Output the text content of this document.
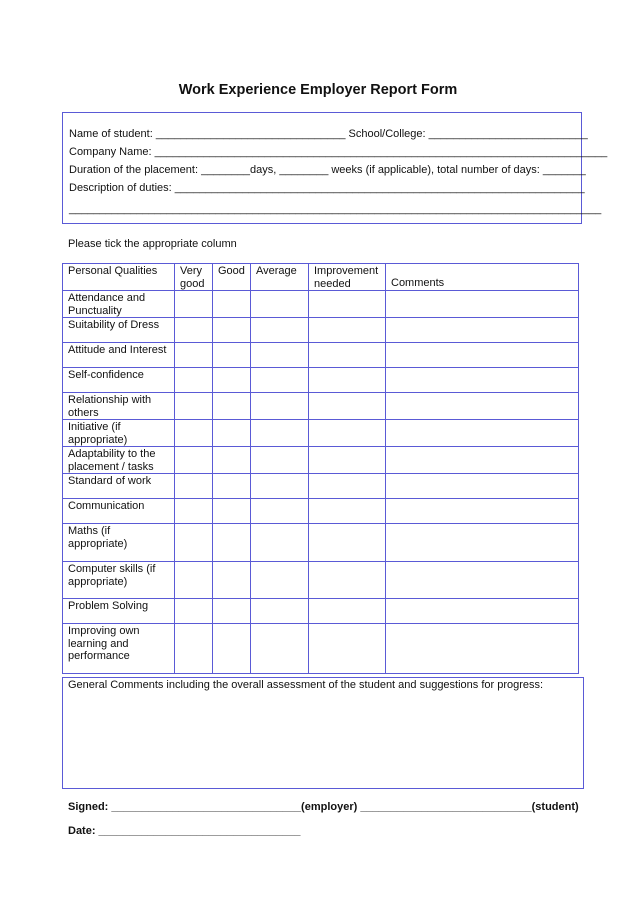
Work Experience Employer Report Form
Name of student: _______________________________ School/College: __________________________
Company Name: __________________________________________________________________________
Duration of the placement: ________days, ________ weeks (if applicable), total number of days: _______
Description of duties: ___________________________________________________________________
_______________________________________________________________________________________
Please tick the appropriate column
Personal Qualities	Very good	Good	Average	Improvement needed	Comments
Attendance and Punctuality					
Suitability of Dress					
Attitude and Interest					
Self-confidence					
Relationship with others					
Initiative (if appropriate)					
Adaptability to the placement / tasks					
Standard of work					
Communication					
Maths (if appropriate)					
Computer skills (if appropriate)					
Problem Solving					
Improving own learning and performance					
General Comments including the overall assessment of the student and suggestions for progress:
Signed: _______________________________(employer) ____________________________(student)
Date: _________________________________
